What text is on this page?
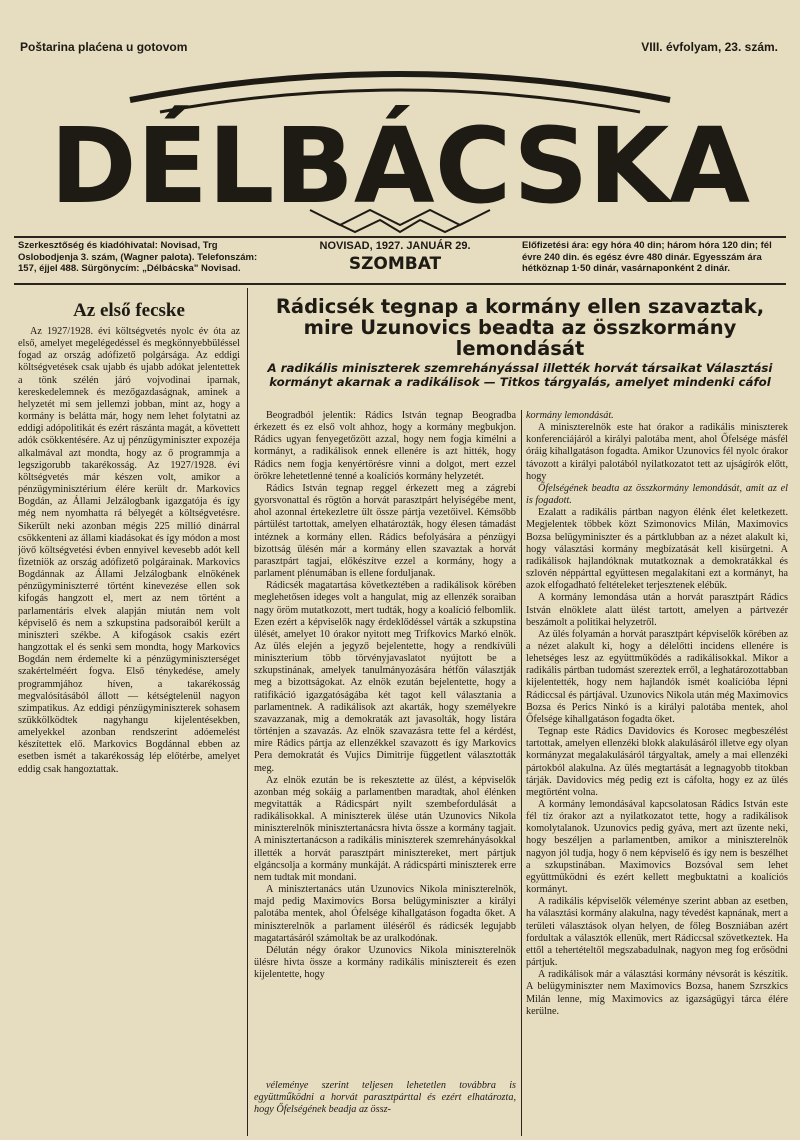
Poštarina plaćena u gotovom	VIII. évfolyam, 23. szám.
DÉLBÁCSKA
Szerkesztőség és kiadóhivatal: Novisad, Trg Oslobodjenja 3. szám, (Wagner palota). Telefonszám: 157, éjjel 488. Sürgönycím: „Délbácska" Novisad.
NOVISAD, 1927. JANUÁR 29.
SZOMBAT
Előfizetési ára: egy hóra 40 din; három hóra 120 din; fél évre 240 din. és egész évre 480 dinár. Egyesszám ára hétköznap 1·50 dinár, vasárnaponként 2 dinár.
Az első fecske

Az 1927/1928. évi költségvetés nyolc év óta az első, amelyet megelégedéssel és megkönnyebbüléssel fogad az ország adófizető polgársága. Az eddigi költségvetések csak ujabb és ujabb adókat jelentettek a tönk szélén járó vojvodinai iparnak, kereskedelemnek és mezőgazdaságnak, aminek a helyzetét mi sem jellemzi jobban, mint az, hogy a kormány is belátta már, hogy nem lehet folytatni az eddigi adópolitikát és ezért rászánta magát, a követtett adók csökkentésére. Az uj pénzügyminiszter expozéja alkalmával azt mondta, hogy az ő programmja a legszigorubb takarékosság. Az 1927/1928. évi költségvetés már készen volt, amikor a pénzügyminisztérium élére került dr. Markovics Bogdán, az Állami Jelzálogbank igazgatója és így még nem nyomhatta rá bélyegét a költségvetésre. Sikerült neki azonban mégis 225 millió dinárral csökkenteni az állami kiadásokat és így módon a most jövő költségvetési évben ennyivel kevesebb adót kell fizetniök az ország adófizető polgárainak. Markovics Bogdánnak az Állami Jelzálogbank elnökének pénzügyminiszterré történt kinevezése ellen sok kifogás hangzott el, mert az nem történt a parlamentáris elvek alapján miután nem volt képviselő és nem a szkupstina padsoraiból került a miniszteri székbe. A kifogások csakis ezért hangzottak el és senki sem mondta, hogy Markovics Bogdán nem érdemelte ki a pénzügyminiszterséget szakértelméért fogva. Első ténykedése, amely programmjához híven, a takarékosság megvalósításából állott — kétségtelenül nagyon szimpatikus. Az eddigi pénzügyminiszterek sohasem szükkölködtek nagyhangu kijelentésekben, amelyekkel azonban rendszerint adóemelést készítettek elő. Markovics Bogdánnal ebben az esetben ismét a takarékosság lép előtérbe, amelyet eddig csak hangoztattak.

Rádicsék tegnap a kormány ellen szavaztak, mire Uzunovics beadta az összkormány lemondását
A radikális miniszterek szemrehányással illették horvát társaikat Választási kormányt akarnak a radikálisok — Titkos tárgyalás, amelyet mindenki cáfol

Beogradból jelentik: Rádics István tegnap Beogradba érkezett és ez első volt ahhoz, hogy a kormány megbukjon. Rádics ugyan fenyegetőzött azzal, hogy nem fogja kímélni a kormányt, a radikálisok ennek ellenére is azt hitték, hogy Rádics nem fogja kenyértörésre vinni a dolgot, mert ezzel örökre lehetetlenné tenné a koalíciós kormány helyzetét.

Rádics István tegnap reggel érkezett meg a zágrebi gyorsvonattal és rögtön a horvát parasztpárt helyiségébe ment, ahol azonnal értekezletre ült össze pártja vezetőivel. Kémsőbb pártülést tartottak, amelyen elhatározták, hogy élesen támadást intéznek a kormány ellen. Rádics befolyására a pénzügyi bizottság ülésén már a kormány ellen szavaztak a horvát parasztpárt tagjai, előkészítve ezzel a kormány, hogy a parlament plénumában is ellene forduljanak.

Rádicsék magatartása következtében a radikálisok körében meglehetősen ideges volt a hangulat, mig az ellenzék soraiban nagy öröm mutatkozott, mert tudták, hogy a koalíció felbomlik. Ezen ezért a képviselők nagy érdeklődéssel várták a szkupstina ülését, amelyet 10 órakor nyitott meg Trifkovics Markó elnök. Az ülés elején a jegyző bejelentette, hogy a rendkívüli miniszterium több törvényjavaslatot nyújtott be a szkupstinának, amelyek tanulmányozására hétfőn választják meg a bizottságokat. Az elnök ezután bejelentette, hogy a ratifikáció igazgatóságába két tagot kell választania a parlamentnek. A radikálisok azt akarták, hogy személyekre szavazzanak, mig a demokraták azt javasolták, hogy listára történjen a szavazás. Az elnök szavazásra tette fel a kérdést, mire Rádics pártja az ellenzékkel szavazott és így Markovics Pera demokratát és Vujics Dimitrije függetlent választották meg.

Az elnök ezután be is rekesztette az ülést, a képviselők azonban még sokáig a parlamentben maradtak, ahol élénken megvitatták a Rádicspárt nyilt szembefordulását a radikálisokkal. A miniszterek ülése után Uzunovics Nikola miniszterelnök minisztertanácsra hivta össze a kormány tagjait. A minisztertanácson a radikális miniszterek szemrehányásokkal illették a horvát parasztpárt minisztereket, mert pártjuk elgáncsolja a kormány munkáját. A rádicspárti miniszterek erre nem tudtak mit mondani.

A minisztertanács után Uzunovics Nikola miniszterelnök, majd pedig Maximovics Borsa belügyminiszter a királyi palotába mentek, ahol Ófelsége kihallgatáson fogadta őket. A miniszterelnök a parlament üléséről és rádicsék legujabb magatartásáról számoltak be az uralkodónak.

Délután négy órakor Uzunovics Nikola miniszterelnök ülésre hivta össze a kormány radikális minisztereit és ezen kijelentette, hogy

véleménye szerint teljesen lehetetlen továbbra is együttműködni a horvát parasztpárttal és ezért elhatározta, hogy Őfelségének beadja az össz-

kormány lemondását.

A miniszterelnök este hat órakor a radikális miniszterek konferenciájáról a királyi palotába ment, ahol Őfelsége másfél óráig kihallgatáson fogadta. Amikor Uzunovics fél nyolc órakor távozott a királyi palotából nyilatkozatot tett az ujságírók előtt, hogy

Őfelségének beadta az összkormány lemondását, amit az el is fogadott.

Ezalatt a radikális pártban nagyon élénk élet keletkezett. Megjelentek többek közt Szimonovics Milán, Maximovics Bozsa belügyminiszter és a pártklubban az a nézet alakult ki, hogy választási kormány megbízatását kell kisürgetni. A radikálisok hajlandóknak mutatkoznak a demokratákkal és szlovén néppárttal együttesen megalakítani ezt a kormányt, ha azok elfogadható feltételeket terjesztenek elébük.

A kormány lemondása után a horvát parasztpárt Rádics István elnöklete alatt ülést tartott, amelyen a pártvezér beszámolt a politikai helyzetről.

Az ülés folyamán a horvát parasztpárt képviselők körében az a nézet alakult ki, hogy a délelőtti incidens ellenére is lehetséges lesz az együttműködés a radikálisokkal. Mikor a radikális pártban tudomást szereztek erről, a leghatározottabban kijelentették, hogy nem hajlandók ismét koalícióba lépni Rádiccsal és pártjával. Uzunovics Nikola után még Maximovics Bozsa és Perics Ninkó is a királyi palotába mentek, ahol Őfelsége kihallgatáson fogadta őket.

Tegnap este Rádics Davidovics és Korosec megbeszélést tartottak, amelyen ellenzéki blokk alakulásáról illetve egy olyan kormányzat megalakulásáról tárgyaltak, amely a mai ellenzéki pártokból alakulna. Az ülés megtartását a legnagyobb titokban tárják. Davidovics még pedig ezt is cáfolta, hogy ez az ülés megtörtént volna.

A kormány lemondásával kapcsolatosan Rádics István este fél tíz órakor azt a nyilatkozatot tette, hogy a radikálisok komolytalanok. Uzunovics pedig gyáva, mert azt üzente neki, hogy beszéljen a parlamentben, amikor a miniszterelnök nagyon jól tudja, hogy ő nem képviselő és így nem is beszélhet a szkupstinában. Maximovics Bozsóval sem lehet együttműködni és ezért kellett megbuktatni a koalíciós kormányt.

A radikális képviselők véleménye szerint abban az esetben, ha választási kormány alakulna, nagy tévedést kapnának, mert a területi választások olyan helyen, de főleg Boszniában azért fordultak a választók ellenük, mert Rádiccsal szövetkeztek. Ha ettől a tehertételtől megszabadulnak, nagyon meg fog erősödni pártjuk.

A radikálisok már a választási kormány névsorát is készítik. A belügyminiszter nem Maximovics Bozsa, hanem Szrszkics Milán lenne, míg Maximovics az igazságügyi tárca élére kerülne.
